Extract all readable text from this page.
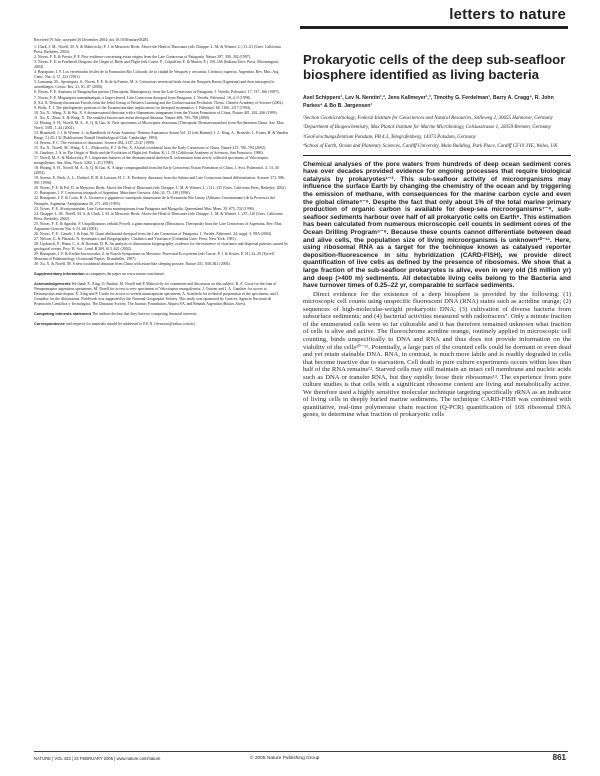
letters to nature
Received 19 July; accepted 16 December 2004; doi:10.1038/nature03285.
1. Clark, J. M., Norell, M. A. & Makovicky, P. J. in Mesozoic Birds: Above the Head of Dinosaurs (eds Chiappe, L. M. & Witmer, L.) 31–61 (Univ. California Press, Berkeley, 2002).
2. Novas, F. E. & Puerta, P. F. New evidence concerning avian origins from the Late Cretaceous of Patagonia. Nature 387, 390–392 (1997).
3. Novas, F. E. in Feathered Dragons: the Origin of Birds and Flight (eds Currie, P., Colpaffini, E. & Martin, E.) 150–166 (Indiana Univ. Press, Bloomington, 2004).
4. Bonaparte, J. F. Los vertebrados fósiles de la Formación Rio Colorado, de la ciudad de Neuquén y cercanías, Cretácico superior, Argentina. Rev. Mus. Arg. Cienc. Nat. 4, 17–123 (1991).
5. Lamanna, M., Apesteguía, S., Novas, F. E. & de la Fuente, M. S. Cretaceous terrestrial birds from the Neuquén Basin (Argentina) and their intraspecific assemblages. Cretac. Res. 21, 81–87 (2000).
6. Novas, F. E. Anatomy of Patagonykus puertai (Theropoda, Maniraptora), from the Late Cretaceous of Patagonia. J. Vertebr. Paleontol. 17, 137–166 (1997).
7. Novas, F. E. Megaraptor namunhuaiquii, a large-clawed, Late Cretaceous theropod from Patagonia. J. Vertebr. Paleontol. 18, 4–9 (1998).
8. Xu, X. Deinonychosaurian Fossils from the Jehol Group of Western Liaoning and the Coelurosaurian Evolution. Thesis, Chinese Academy of Science (2002).
9. Holtz, T. J. The phylogenetic position of the Tyrannosauridae: implications for theropod systematics. J. Paleontol. 68, 1100–1117 (1994).
10. Xu, X., Wang, X. & Wu, X. A dromaeosaurid dinosaur with a filamentous integument from the Yixian Formation of China. Nature 401, 262–266 (1999).
11. Xu, X., Zhou, Z. & Wang, X. The smallest known non-avian theropod dinosaur. Nature 408, 705–708 (2000).
12. Hwang, S. H., Norell, M. A., Ji, Q. & Gao, K. New specimens of Microraptor zhaoianus (Theropoda: Dromaeosauridae) from Northeastern China. Am. Mus. Novit. 3381, 1–44 (2002).
13. Bramwell, J. J. & Witmer, L. in Handbook of Avian Anatomy: Nomina Anatomica Avium Vol. 23 (eds Baumel, J. J., King, A., Breazile, J., Evans, H. & Vanden Berge, J.) 45–132 (Publications Nuttall Ornithological Club, Cambridge, 1993).
14. Sereno, P. C. The evolution of dinosaurs. Science 284, 2137–2147 (1999).
15. Xu, X., Norell, M., Wang, X. L., Makovicky, P. J. & Wu, X. A basal troodontid from the Early Cretaceous of China. Nature 415, 780–784 (2002).
16. Gauthier, J. A. in The Origin of Birds and the Evolution of Flight (ed. Padian, K.) 1–55 (California Academy of Sciences, San Francisco, 1986).
17. Norell, M. A. & Makovicky, P. J. Important features of the dromaeosaurid skeleton II: information from newly collected specimens of Velociraptor mongoliensis. Am. Mus. Novit. 3282, 1–45 (1999).
18. Hwang, S. H., Norell, M. A., Ji, Q. & Gao, K. A large compsognathid from the Early Cretaceous Yixian Formation of China. J. Syst. Palaeontol. 2, 13–30 (2004).
19. Sereno, P., Beck, A. L., Dutheil, D. B. & Larsson, H. C. E. Predatory dinosaurs from the Sahara and Late Cretaceous faunal differentiation. Science 272, 986–991 (1996).
20. Novas, F. E. & Pol, D. in Mesozoic Birds: Above the Head of Dinosaurs (eds Chiappe, L. M. & Witmer, L.) 121–125 (Univ. California Press, Berkeley, 2002).
21. Bonaparte, J. F. Cretaceous tetrapods of Argentina. Münchner Geowiss. Abh. 30, 73–130 (1996).
22. Bonaparte, J. F. & Coria, R. A. Un nuevo y gigantesco saurópodo titanosaurio de la Formación Río Limay (Albiano–Cenomaniano) de la Provincia del Neuquén, Argentina. Ameghiniana 30, 271–282 (1993).
23. Novas, F. E. Alvarezsauridae, Late Cretaceous maniraptorans from Patagonia and Mongolia. Queensland Mus. Mem. 39, 675–702 (1996).
24. Chiappe, L. M., Norell, M. A. & Clark, J. M. in Mesozoic Birds: Above the Head of Dinosaurs (eds Chiappe, L. M. & Witmer, L.) 87–120 (Univ. California Press, Berkeley, 2002).
25. Novas, F. E. & Agnolín, F. Unquillosaurus ceibalii Powell, a giant maniraptoran (Dinosauria, Theropoda) from the Late Cretaceous of Argentina. Rev. Mus. Argentino Ciencias Nat. 6, 61–66 (2004).
26. Novas, F. E., Canale, J. & Isasi, M. Giant abelisaurid theropod from the Late Cretaceous of Patagonia. J. Vertebr. Paleontol. 24, suppl. 3, 98A (2004).
27. Nelson, G. & Platnick, N. Systematics and Biogeography: Cladistics and Vicariance (Columbia Univ. Press, New York, 1981).
28. Upchurch, P., Hunn, C. A. & Norman, D. B. An analysis of dinosaurian biogeography: evidence for the existence of vicariance and dispersal patterns caused by geological events. Proc. R. Soc. Lond. B 269, 613–621 (2002).
29. Bonaparte, J. F. & Kielan-Jaworowska, Z. in Fourth Symposium on Mesozoic Terrestrial Ecosystems (eds Currie, P. J. & Koster, E. H.) 24–29 (Tyrrell Museum of Palaeontology Occasional Papers, Drumheller, 1987).
30. Xu, X. & Norell, M. A new troodontid dinosaur from China with avian-like sleeping posture. Nature 431, 838–841 (2004).
Supplementary Information accompanies the paper on www.nature.com/nature.
Acknowledgements We thank X. Xing, O. Rauhut, M. Norell and P. Makovicky for comments and discussion on this subject; R. A. Coria for the loan of Neuquenraptor argentinus specimens; M. Norell for access to new specimens of Velociraptor mongoliensis; J. Ostrom and J. A. Gauthier for access to Deinonychus antirrhopus; X. Xing and P. Currie for access to several maniraptoran specimens; A. Scanferla for technical preparation of the specimens; and J. González for the illustrations. Fieldwork was supported by the National Geographic Society. This study was sponsored by Conicet, Agencia Nacional de Promoción Científica y Tecnológica, The Dinosaur Society, The Jurassic Foundation, Alquist SA, and Renault Argentina (Bustos Aires).
Competing interests statement The authors declare that they have no competing financial interests.
Correspondence and requests for materials should be addressed to F.E.N. (fernovas@yahoo.com.ar).
Prokaryotic cells of the deep sub-seafloor biosphere identified as living bacteria
Axel Schippers¹, Lev N. Neretin¹,², Jens Kallmeyer¹,³, Timothy G. Ferdelman¹, Barry A. Cragg⁴, R. John Parkes⁴ & Bo B. Jørgensen¹
¹Section Geomicrobiology, Federal Institute for Geosciences and Natural Resources, Stilleweg 2, 30655 Hannover, Germany
²Department of Biogeochemistry, Max Planck Institute for Marine Microbiology, Celsiusstrasse 1, 28359 Bremen, Germany
³GeoForschungsZentrum Potsdam, PB 4.3, Telegrafenberg, 14473 Potsdam, Germany
⁴School of Earth, Ocean and Planetary Sciences, Cardiff University, Main Building, Park Place, Cardiff CF10 3YE, Wales, UK
Chemical analyses of the pore waters from hundreds of deep ocean sediment cores have over decades provided evidence for ongoing processes that require biological catalysis by prokaryotes¹⁻³. This sub-seafloor activity of microorganisms may influence the surface Earth by changing the chemistry of the ocean and by triggering the emission of methane, with consequences for the marine carbon cycle and even the global climate⁴⁻⁶. Despite the fact that only about 1% of the total marine primary production of organic carbon is available for deep-sea microorganisms⁷⁻⁸, sub-seafloor sediments harbour over half of all prokaryotic cells on Earth⁹. This estimation has been calculated from numerous microscopic cell counts in sediment cores of the Ocean Drilling Program⁵⁻⁹. Because these counts cannot differentiate between dead and alive cells, the population size of living microorganisms is unknown¹⁰⁻¹¹. Here, using ribosomal RNA as a target for the technique known as catalysed reporter deposition-fluorescence in situ hybridization (CARD-FISH), we provide direct quantification of live cells as defined by the presence of ribosomes. We show that a large fraction of the sub-seafloor prokaryotes is alive, even in very old (16 million yr) and deep (>400 m) sediments. All detectable living cells belong to the Bacteria and have turnover times of 0.25–22 yr, comparable to surface sediments.
Direct evidence for the existence of a deep biosphere is provided by the following: (1) microscopic cell counts using unspecific fluorescent DNA (RNA) stains such as acridine orange; (2) sequences of high-molecular-weight prokaryotic DNA; (3) cultivation of diverse bacteria from subsurface sediments; and (4) bacterial activities measured with radiotracers⁷. Only a minute fraction of the enumerated cells were so far culturable and it has therefore remained unknown what fraction of cells is alive and active. The fluorochrome acridine orange, routinely applied in microscopic cell counting, binds unspecifically to DNA and RNA and thus does not provide information on the viability of the cells¹⁰⁻¹¹. Potentially, a large part of the counted cells could be dormant or even dead and yet retain stainable DNA. RNA, in contrast, is much more labile and is readily degraded in cells that become inactive due to starvation. Cell death in pure culture experiments occurs within less than half of the RNA remains¹². Starved cells may still maintain an intact cell membrane and nucleic acids such as DNA or transfer RNA, but they rapidly loose their ribosomes¹³. The experience from pure culture studies is that cells with a significant ribosome content are living and metabolically active. We therefore used a highly sensitive molecular technique targeting specifically rRNA as an indicator of living cells in deeply buried marine sediments. The technique CARD-FISH was combined with quantitative, real-time polymerase chain reaction (Q-PCR) quantification of 16S ribosomal DNA genes, to determine what fraction of prokaryotic cells
NATURE | VOL 433 | 24 FEBRUARY 2005 | www.nature.com/nature	© 2005 Nature Publishing Group	861
